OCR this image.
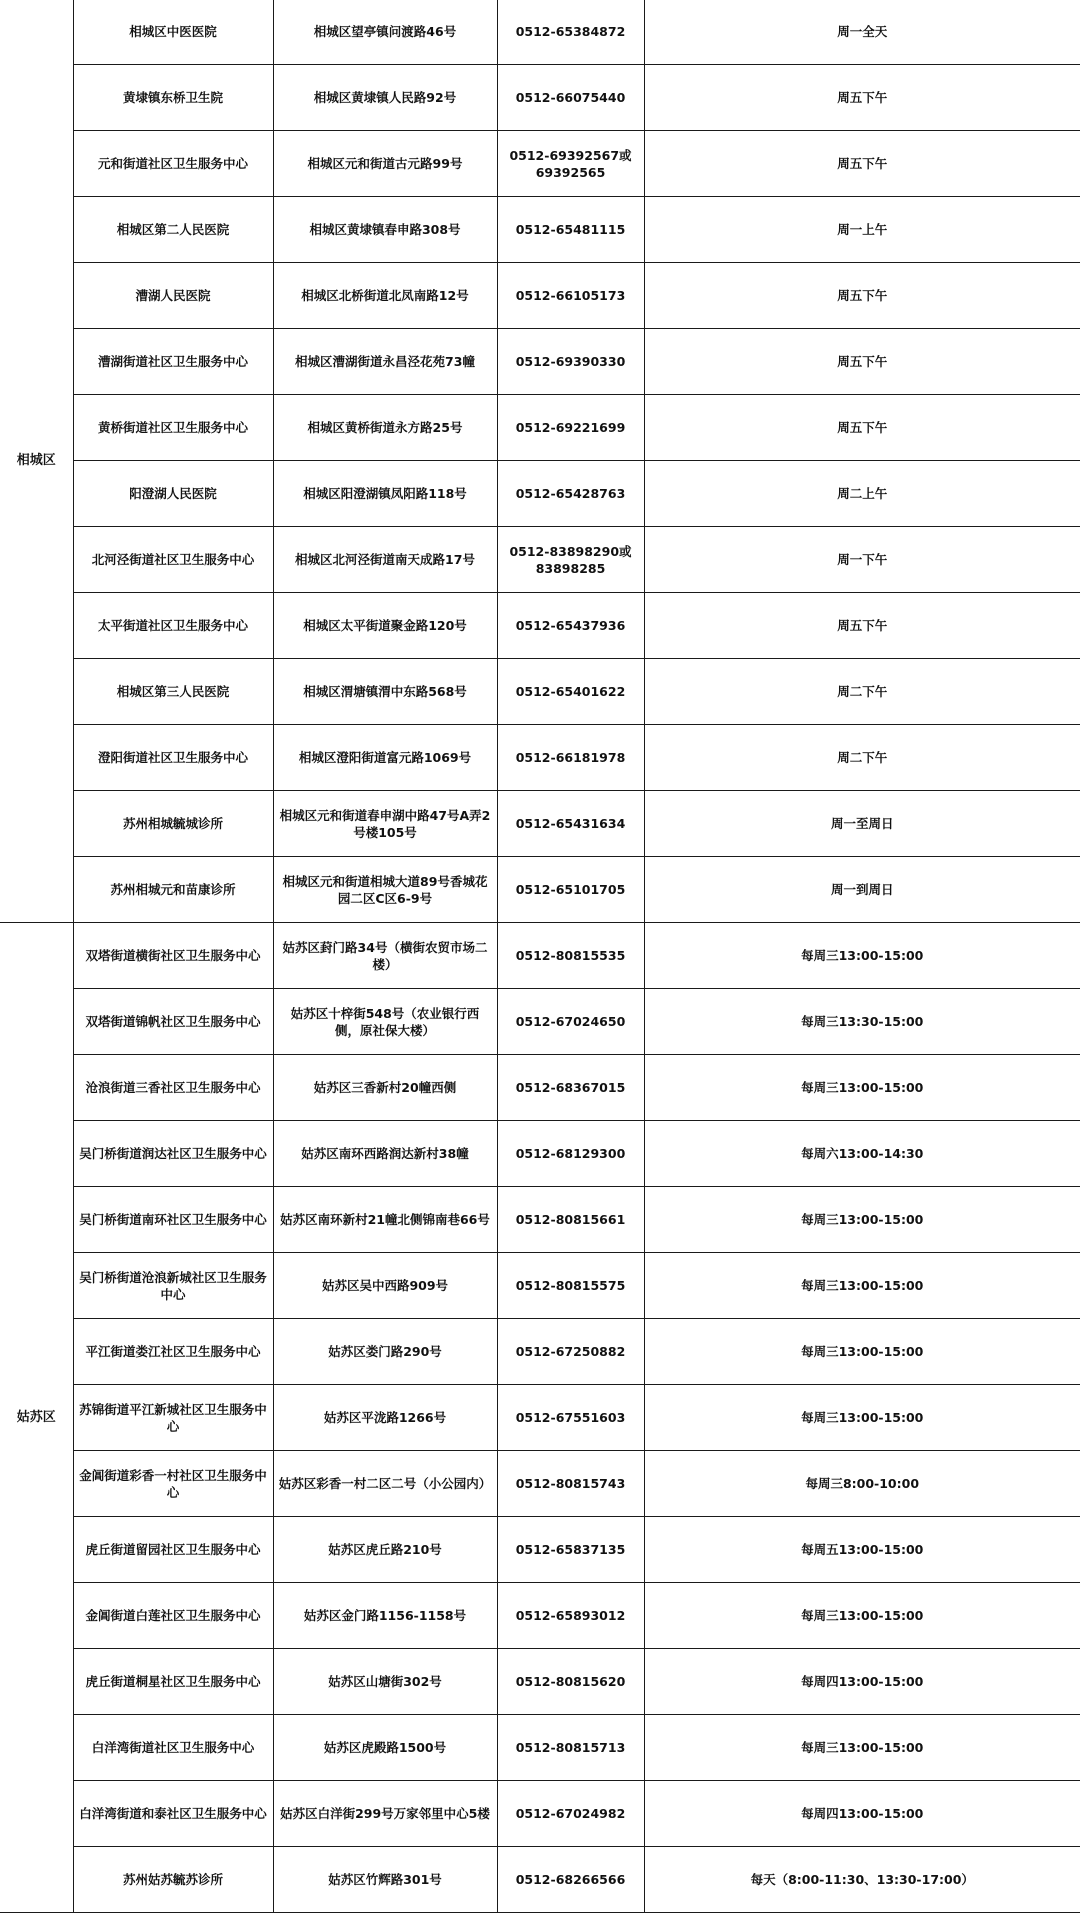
相城区	相城区中医医院	相城区望亭镇问渡路46号	0512-65384872	周一全天
	黄埭镇东桥卫生院	相城区黄埭镇人民路92号	0512-66075440	周五下午
	元和街道社区卫生服务中心	相城区元和街道古元路99号	0512-69392567或69392565	周五下午
	相城区第二人民医院	相城区黄埭镇春申路308号	0512-65481115	周一上午
	漕湖人民医院	相城区北桥街道北凤南路12号	0512-66105173	周五下午
	漕湖街道社区卫生服务中心	相城区漕湖街道永昌泾花苑73幢	0512-69390330	周五下午
	黄桥街道社区卫生服务中心	相城区黄桥街道永方路25号	0512-69221699	周五下午
	阳澄湖人民医院	相城区阳澄湖镇凤阳路118号	0512-65428763	周二上午
	北河泾街道社区卫生服务中心	相城区北河泾街道南天成路17号	0512-83898290或83898285	周一下午
	太平街道社区卫生服务中心	相城区太平街道聚金路120号	0512-65437936	周五下午
	相城区第三人民医院	相城区渭塘镇渭中东路568号	0512-65401622	周二下午
	澄阳街道社区卫生服务中心	相城区澄阳街道富元路1069号	0512-66181978	周二下午
	苏州相城毓城诊所	相城区元和街道春申湖中路47号A弄2号楼105号	0512-65431634	周一至周日
	苏州相城元和苗康诊所	相城区元和街道相城大道89号香城花园二区C区6-9号	0512-65101705	周一到周日
姑苏区	双塔街道横街社区卫生服务中心	姑苏区葑门路34号（横街农贸市场二楼）	0512-80815535	每周三13:00-15:00
	双塔街道锦帆社区卫生服务中心	姑苏区十梓街548号（农业银行西侧，原社保大楼）	0512-67024650	每周三13:30-15:00
	沧浪街道三香社区卫生服务中心	姑苏区三香新村20幢西侧	0512-68367015	每周三13:00-15:00
	吴门桥街道润达社区卫生服务中心	姑苏区南环西路润达新村38幢	0512-68129300	每周六13:00-14:30
	吴门桥街道南环社区卫生服务中心	姑苏区南环新村21幢北侧锦南巷66号	0512-80815661	每周三13:00-15:00
	吴门桥街道沧浪新城社区卫生服务中心	姑苏区吴中西路909号	0512-80815575	每周三13:00-15:00
	平江街道娄江社区卫生服务中心	姑苏区娄门路290号	0512-67250882	每周三13:00-15:00
	苏锦街道平江新城社区卫生服务中心	姑苏区平泷路1266号	0512-67551603	每周三13:00-15:00
	金阊街道彩香一村社区卫生服务中心	姑苏区彩香一村二区二号（小公园内）	0512-80815743	每周三8:00-10:00
	虎丘街道留园社区卫生服务中心	姑苏区虎丘路210号	0512-65837135	每周五13:00-15:00
	金阊街道白莲社区卫生服务中心	姑苏区金门路1156-1158号	0512-65893012	每周三13:00-15:00
	虎丘街道桐星社区卫生服务中心	姑苏区山塘街302号	0512-80815620	每周四13:00-15:00
	白洋湾街道社区卫生服务中心	姑苏区虎殿路1500号	0512-80815713	每周三13:00-15:00
	白洋湾街道和泰社区卫生服务中心	姑苏区白洋街299号万家邻里中心5楼	0512-67024982	每周四13:00-15:00
	苏州姑苏毓苏诊所	姑苏区竹辉路301号	0512-68266566	每天（8:00-11:30、13:30-17:00）
